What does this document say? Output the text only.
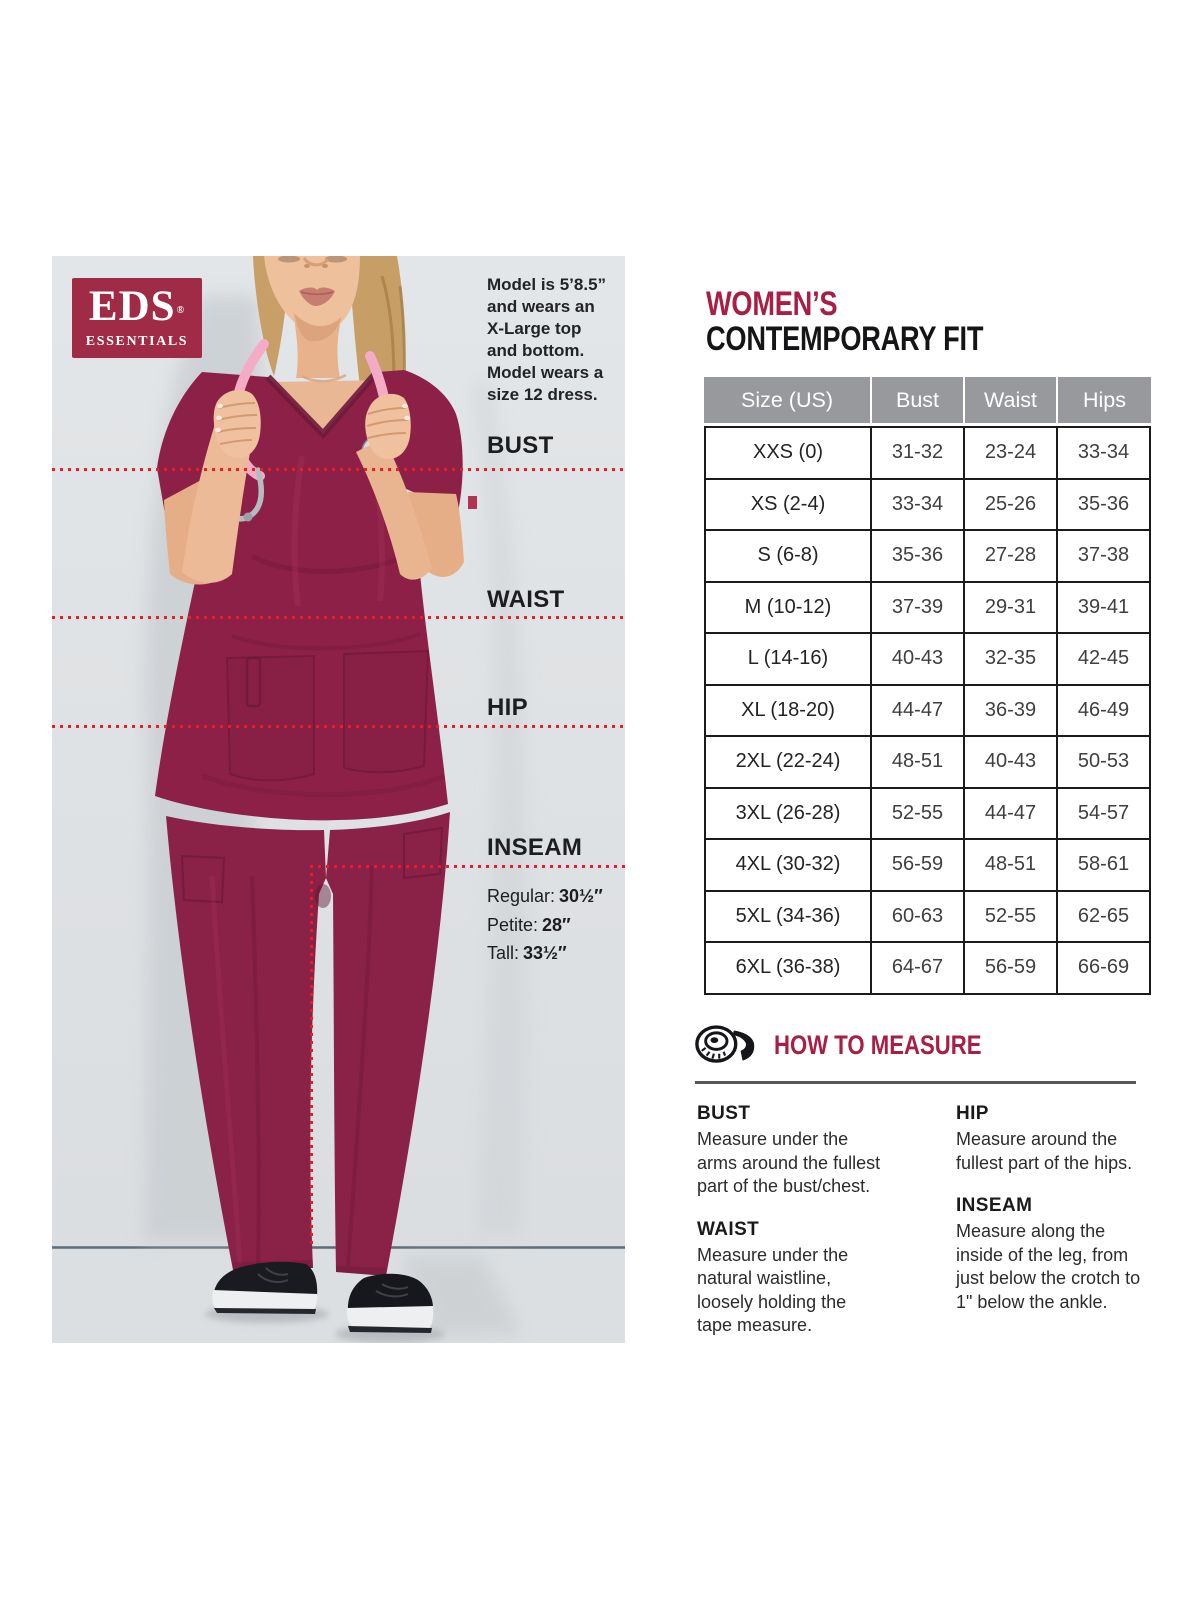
EDS®
ESSENTIALS
Model is 5’8.5” and wears an X-Large top and bottom. Model wears a size 12 dress.
BUST
WAIST
HIP
INSEAM
Regular: 30½″
Petite: 28″
Tall: 33½″
WOMEN’S
CONTEMPORARY FIT
Size (US)	Bust	Waist	Hips
XXS (0)	31-32	23-24	33-34
XS (2-4)	33-34	25-26	35-36
S (6-8)	35-36	27-28	37-38
M (10-12)	37-39	29-31	39-41
L (14-16)	40-43	32-35	42-45
XL (18-20)	44-47	36-39	46-49
2XL (22-24)	48-51	40-43	50-53
3XL (26-28)	52-55	44-47	54-57
4XL (30-32)	56-59	48-51	58-61
5XL (34-36)	60-63	52-55	62-65
6XL (36-38)	64-67	56-59	66-69
HOW TO MEASURE
BUST

Measure under the arms around the fullest part of the bust/chest.

WAIST

Measure under the natural waistline, loosely holding the tape measure.

HIP

Measure around the fullest part of the hips.

INSEAM

Measure along the inside of the leg, from just below the crotch to 1" below the ankle.
